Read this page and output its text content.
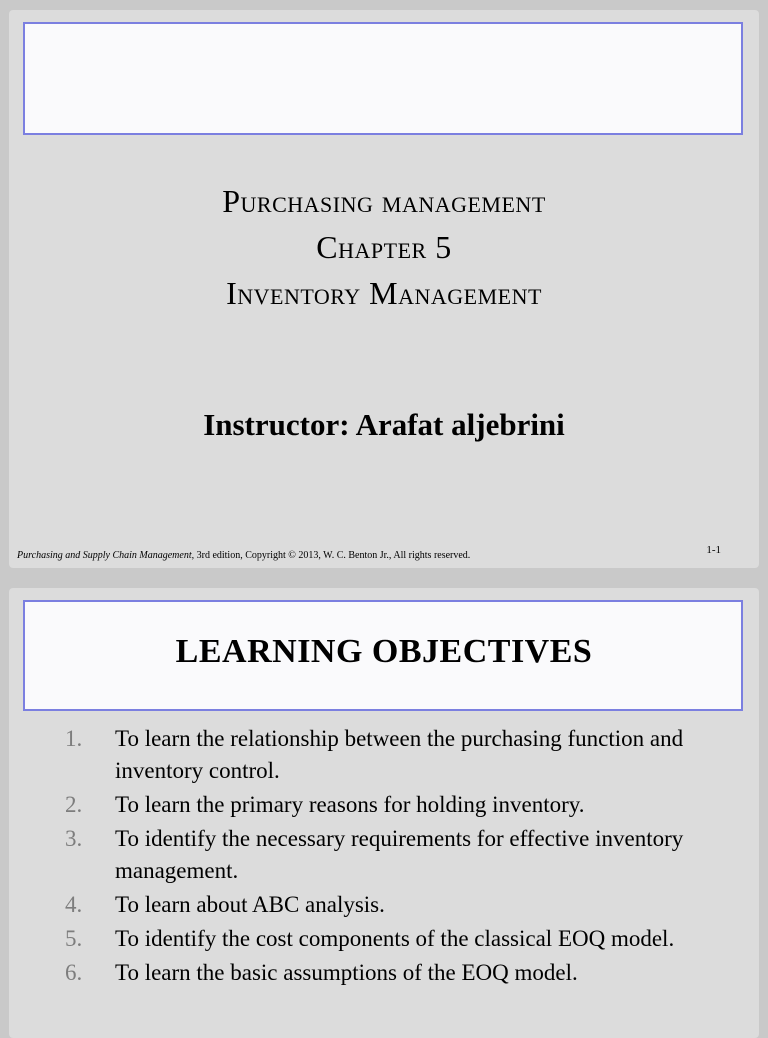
Purchasing management
Chapter 5
Inventory Management
Instructor: Arafat aljebrini
Purchasing and Supply Chain Management, 3rd edition, Copyright © 2013, W. C. Benton Jr., All rights reserved.	1-1
LEARNING OBJECTIVES
1.	To learn the relationship between the purchasing function and inventory control.
2.	To learn the primary reasons for holding inventory.
3.	To identify the necessary requirements for effective inventory management.
4.	To learn about ABC analysis.
5.	To identify the cost components of the classical EOQ model.
6.	To learn the basic assumptions of the EOQ model.
